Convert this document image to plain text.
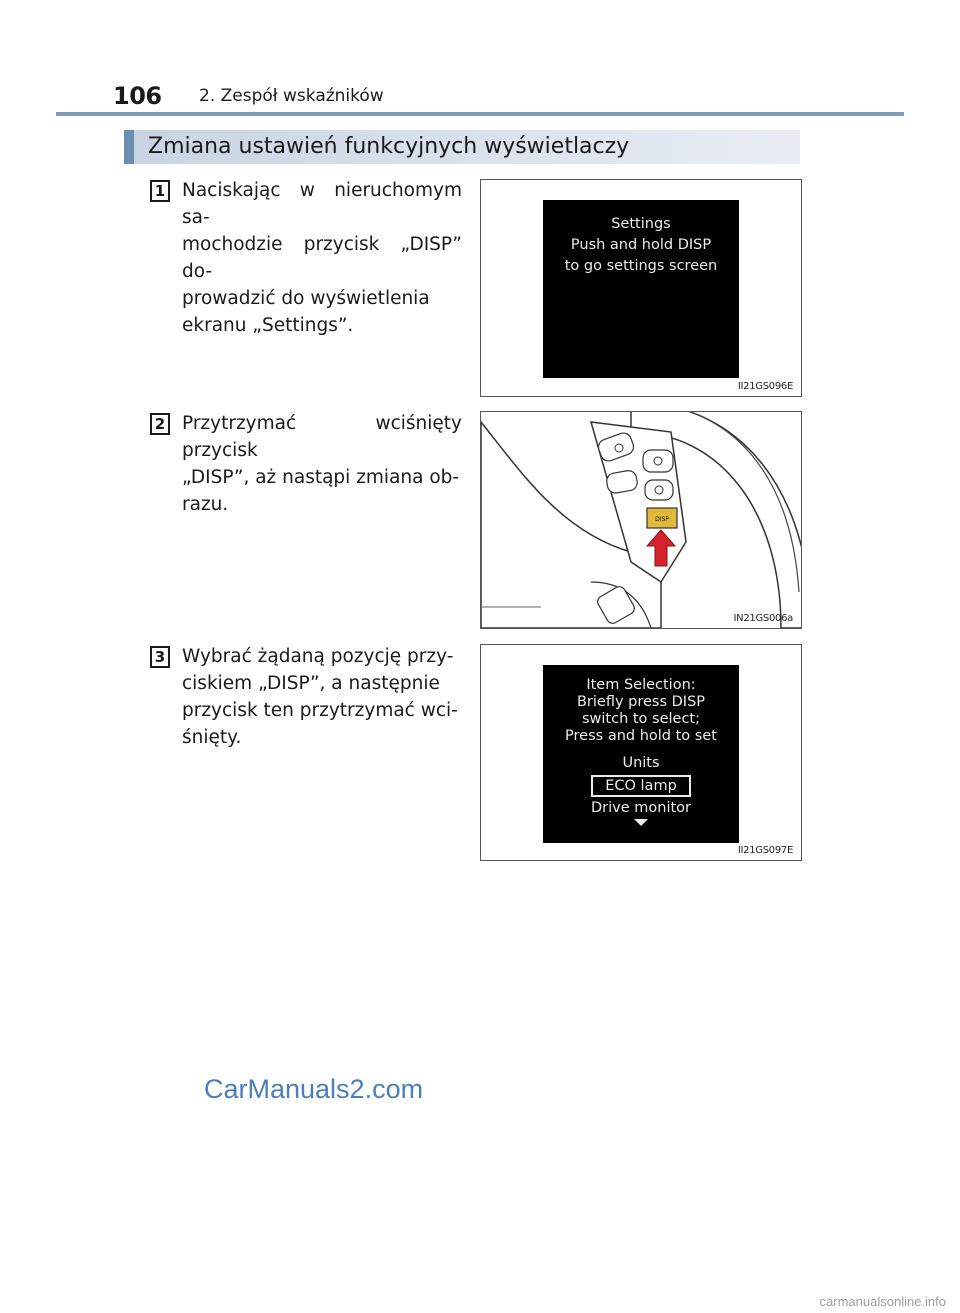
106 2. Zespół wskaźników
Zmiana ustawień funkcyjnych wyświetlaczy
1 Naciskając w nieruchomym sa-
mochodzie przycisk „DISP” do-
prowadzić do wyświetlenia
ekranu „Settings”.
Settings
Push and hold DISP
to go settings screen
II21GS096E
2 Przytrzymać wciśnięty przycisk
„DISP”, aż nastąpi zmiana ob-
razu.
DISP
IN21GS006a
3 Wybrać żądaną pozycję przy-
ciskiem „DISP”, a następnie
przycisk ten przytrzymać wci-
śnięty.
Item Selection:
Briefly press DISP
switch to select;
Press and hold to set
Units
ECO lamp
Drive monitor
II21GS097E
CarManuals2.com
carmanualsonline.info
